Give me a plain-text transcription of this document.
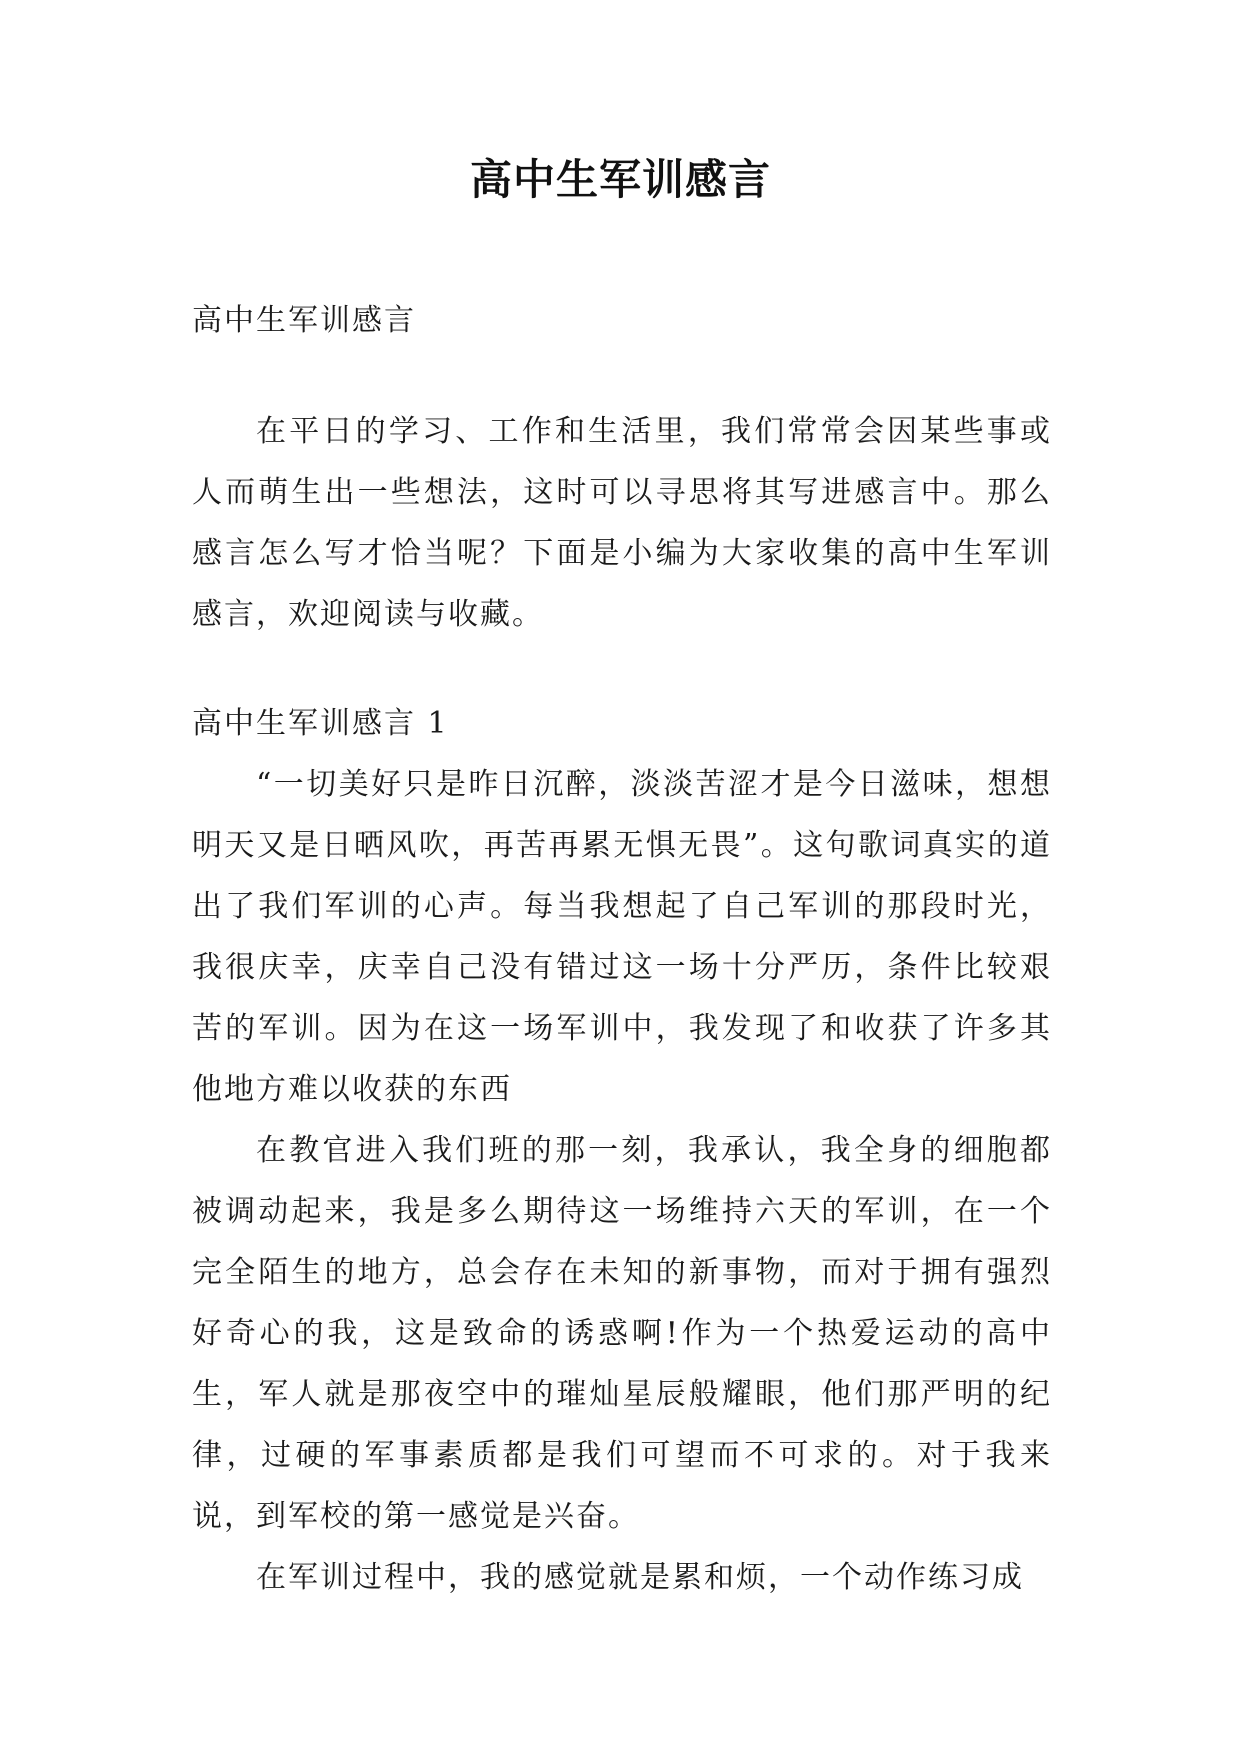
高中生军训感言

高中生军训感言

在平日的学习、工作和生活里，我们常常会因某些事或人而萌生出一些想法，这时可以寻思将其写进感言中。那么感言怎么写才恰当呢？下面是小编为大家收集的高中生军训感言，欢迎阅读与收藏。

高中生军训感言 1

“一切美好只是昨日沉醉，淡淡苦涩才是今日滋味，想想明天又是日晒风吹，再苦再累无惧无畏”。这句歌词真实的道出了我们军训的心声。每当我想起了自己军训的那段时光，我很庆幸，庆幸自己没有错过这一场十分严历，条件比较艰苦的军训。因为在这一场军训中，我发现了和收获了许多其他地方难以收获的东西

在教官进入我们班的那一刻，我承认，我全身的细胞都被调动起来，我是多么期待这一场维持六天的军训，在一个完全陌生的地方，总会存在未知的新事物，而对于拥有强烈好奇心的我，这是致命的诱惑啊!作为一个热爱运动的高中生，军人就是那夜空中的璀灿星辰般耀眼，他们那严明的纪律，过硬的军事素质都是我们可望而不可求的。对于我来说，到军校的第一感觉是兴奋。

在军训过程中，我的感觉就是累和烦，一个动作练习成
